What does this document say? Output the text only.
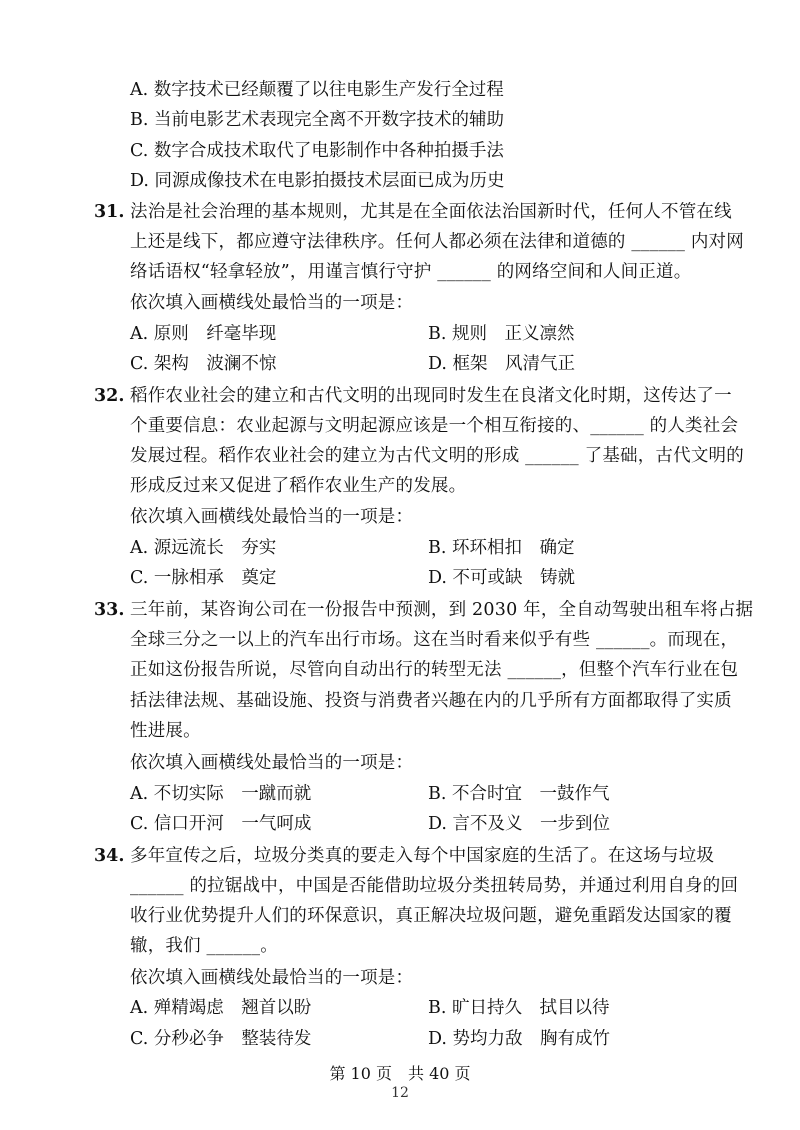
A. 数字技术已经颠覆了以往电影生产发行全过程
B. 当前电影艺术表现完全离不开数字技术的辅助
C. 数字合成技术取代了电影制作中各种拍摄手法
D. 同源成像技术在电影拍摄技术层面已成为历史
31. 法治是社会治理的基本规则，尤其是在全面依法治国新时代，任何人不管在线
上还是线下，都应遵守法律秩序。任何人都必须在法律和道德的 ______ 内对网
络话语权“轻拿轻放”，用谨言慎行守护 ______ 的网络空间和人间正道。
依次填入画横线处最恰当的一项是：
A. 原则　纤毫毕现	B. 规则　正义凛然
C. 架构　波澜不惊	D. 框架　风清气正
32. 稻作农业社会的建立和古代文明的出现同时发生在良渚文化时期，这传达了一
个重要信息：农业起源与文明起源应该是一个相互衔接的、______ 的人类社会
发展过程。稻作农业社会的建立为古代文明的形成 ______ 了基础，古代文明的
形成反过来又促进了稻作农业生产的发展。
依次填入画横线处最恰当的一项是：
A. 源远流长　夯实	B. 环环相扣　确定
C. 一脉相承　奠定	D. 不可或缺　铸就
33. 三年前，某咨询公司在一份报告中预测，到 2030 年，全自动驾驶出租车将占据
全球三分之一以上的汽车出行市场。这在当时看来似乎有些 ______。而现在，
正如这份报告所说，尽管向自动出行的转型无法 ______，但整个汽车行业在包
括法律法规、基础设施、投资与消费者兴趣在内的几乎所有方面都取得了实质
性进展。
依次填入画横线处最恰当的一项是：
A. 不切实际　一蹴而就	B. 不合时宜　一鼓作气
C. 信口开河　一气呵成	D. 言不及义　一步到位
34. 多年宣传之后，垃圾分类真的要走入每个中国家庭的生活了。在这场与垃圾
______ 的拉锯战中，中国是否能借助垃圾分类扭转局势，并通过利用自身的回
收行业优势提升人们的环保意识，真正解决垃圾问题，避免重蹈发达国家的覆
辙，我们 ______。
依次填入画横线处最恰当的一项是：
A. 殚精竭虑　翘首以盼	B. 旷日持久　拭目以待
C. 分秒必争　整装待发	D. 势均力敌　胸有成竹
第 10 页　共 40 页
12
